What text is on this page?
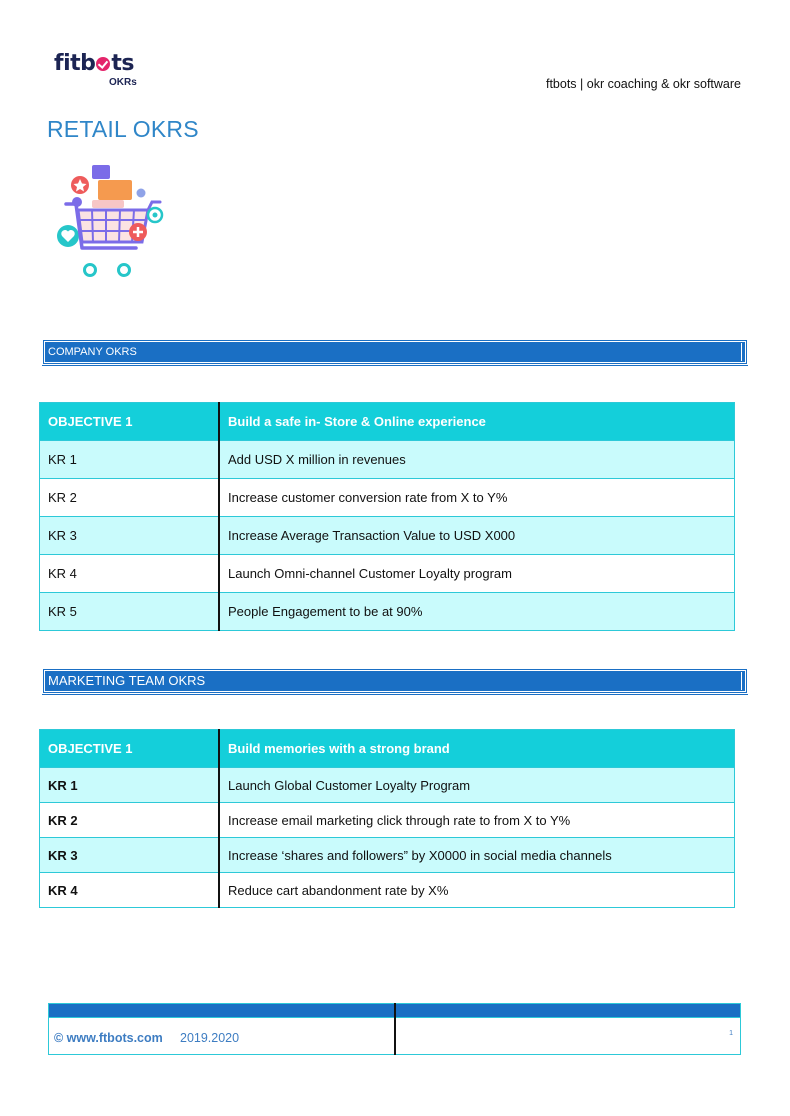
fitb ts
OKRs	ftbots | okr coaching & okr software
RETAIL OKRS
COMPANY OKRS
OBJECTIVE 1	Build a safe in- Store & Online experience
KR 1	Add USD X million in revenues
KR 2	Increase customer conversion rate from X to Y%
KR 3	Increase Average Transaction Value to USD X000
KR 4	Launch Omni-channel Customer Loyalty program
KR 5	People Engagement to be at 90%
MARKETING TEAM OKRS
OBJECTIVE 1	Build memories with a strong brand
KR 1	Launch Global Customer Loyalty Program
KR 2	Increase email marketing click through rate to from X to Y%
KR 3	Increase ‘shares and followers” by X0000 in social media channels
KR 4	Reduce cart abandonment rate by X%
© www.ftbots.com 2019.2020	1
